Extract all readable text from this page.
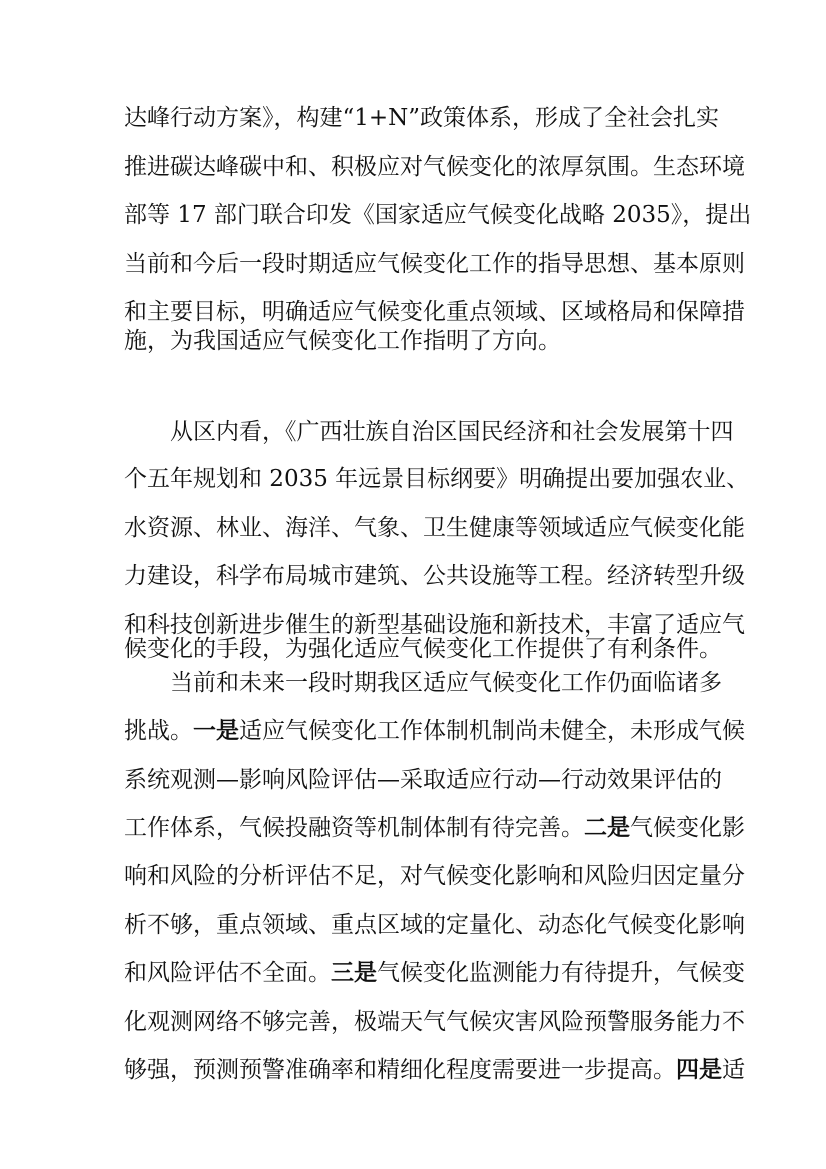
达峰行动方案》，构建“1+N”政策体系，形成了全社会扎实
推进碳达峰碳中和、积极应对气候变化的浓厚氛围。生态环境
部等 17 部门联合印发《国家适应气候变化战略 2035》，提出
当前和今后一段时期适应气候变化工作的指导思想、基本原则
和主要目标，明确适应气候变化重点领域、区域格局和保障措
施，为我国适应气候变化工作指明了方向。
从区内看，《广西壮族自治区国民经济和社会发展第十四
个五年规划和 2035 年远景目标纲要》明确提出要加强农业、
水资源、林业、海洋、气象、卫生健康等领域适应气候变化能
力建设，科学布局城市建筑、公共设施等工程。经济转型升级
和科技创新进步催生的新型基础设施和新技术，丰富了适应气
候变化的手段，为强化适应气候变化工作提供了有利条件。
当前和未来一段时期我区适应气候变化工作仍面临诸多
挑战。一是适应气候变化工作体制机制尚未健全，未形成气候
系统观测—影响风险评估—采取适应行动—行动效果评估的
工作体系，气候投融资等机制体制有待完善。二是气候变化影
响和风险的分析评估不足，对气候变化影响和风险归因定量分
析不够，重点领域、重点区域的定量化、动态化气候变化影响
和风险评估不全面。三是气候变化监测能力有待提升，气候变
化观测网络不够完善，极端天气气候灾害风险预警服务能力不
够强，预测预警准确率和精细化程度需要进一步提高。四是适
